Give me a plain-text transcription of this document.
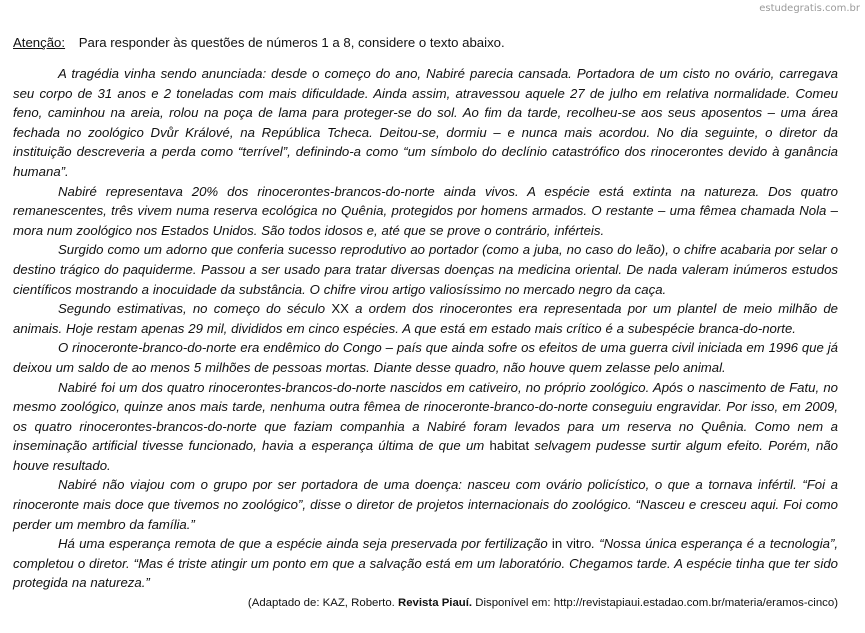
estudegratis.com.br

Atenção: Para responder às questões de números 1 a 8, considere o texto abaixo.

A tragédia vinha sendo anunciada: desde o começo do ano, Nabiré parecia cansada. Portadora de um cisto no ovário, carregava seu corpo de 31 anos e 2 toneladas com mais dificuldade. Ainda assim, atravessou aquele 27 de julho em relativa normalidade. Comeu feno, caminhou na areia, rolou na poça de lama para proteger-se do sol. Ao fim da tarde, recolheu-se aos seus aposentos – uma área fechada no zoológico Dvůr Králové, na República Tcheca. Deitou-se, dormiu – e nunca mais acordou. No dia seguinte, o diretor da instituição descreveria a perda como “terrível”, definindo-a como “um símbolo do declínio catastrófico dos rinocerontes devido à ganância humana”.

Nabiré representava 20% dos rinocerontes-brancos-do-norte ainda vivos. A espécie está extinta na natureza. Dos quatro remanescentes, três vivem numa reserva ecológica no Quênia, protegidos por homens armados. O restante – uma fêmea chamada Nola – mora num zoológico nos Estados Unidos. São todos idosos e, até que se prove o contrário, inférteis.

Surgido como um adorno que conferia sucesso reprodutivo ao portador (como a juba, no caso do leão), o chifre acabaria por selar o destino trágico do paquiderme. Passou a ser usado para tratar diversas doenças na medicina oriental. De nada valeram inúmeros estudos científicos mostrando a inocuidade da substância. O chifre virou artigo valiosíssimo no mercado negro da caça.

Segundo estimativas, no começo do século XX a ordem dos rinocerontes era representada por um plantel de meio milhão de animais. Hoje restam apenas 29 mil, divididos em cinco espécies. A que está em estado mais crítico é a subespécie branca-do-norte.

O rinoceronte-branco-do-norte era endêmico do Congo – país que ainda sofre os efeitos de uma guerra civil iniciada em 1996 que já deixou um saldo de ao menos 5 milhões de pessoas mortas. Diante desse quadro, não houve quem zelasse pelo animal.

Nabiré foi um dos quatro rinocerontes-brancos-do-norte nascidos em cativeiro, no próprio zoológico. Após o nascimento de Fatu, no mesmo zoológico, quinze anos mais tarde, nenhuma outra fêmea de rinoceronte-branco-do-norte conseguiu engravidar. Por isso, em 2009, os quatro rinocerontes-brancos-do-norte que faziam companhia a Nabiré foram levados para um reserva no Quênia. Como nem a inseminação artificial tivesse funcionado, havia a esperança última de que um habitat selvagem pudesse surtir algum efeito. Porém, não houve resultado.

Nabiré não viajou com o grupo por ser portadora de uma doença: nasceu com ovário policístico, o que a tornava infértil. “Foi a rinoceronte mais doce que tivemos no zoológico”, disse o diretor de projetos internacionais do zoológico. “Nasceu e cresceu aqui. Foi como perder um membro da família.”

Há uma esperança remota de que a espécie ainda seja preservada por fertilização in vitro. “Nossa única esperança é a tecnologia”, completou o diretor. “Mas é triste atingir um ponto em que a salvação está em um laboratório. Chegamos tarde. A espécie tinha que ter sido protegida na natureza.”

(Adaptado de: KAZ, Roberto. Revista Piauí. Disponível em: http://revistapiaui.estadao.com.br/materia/eramos-cinco)
